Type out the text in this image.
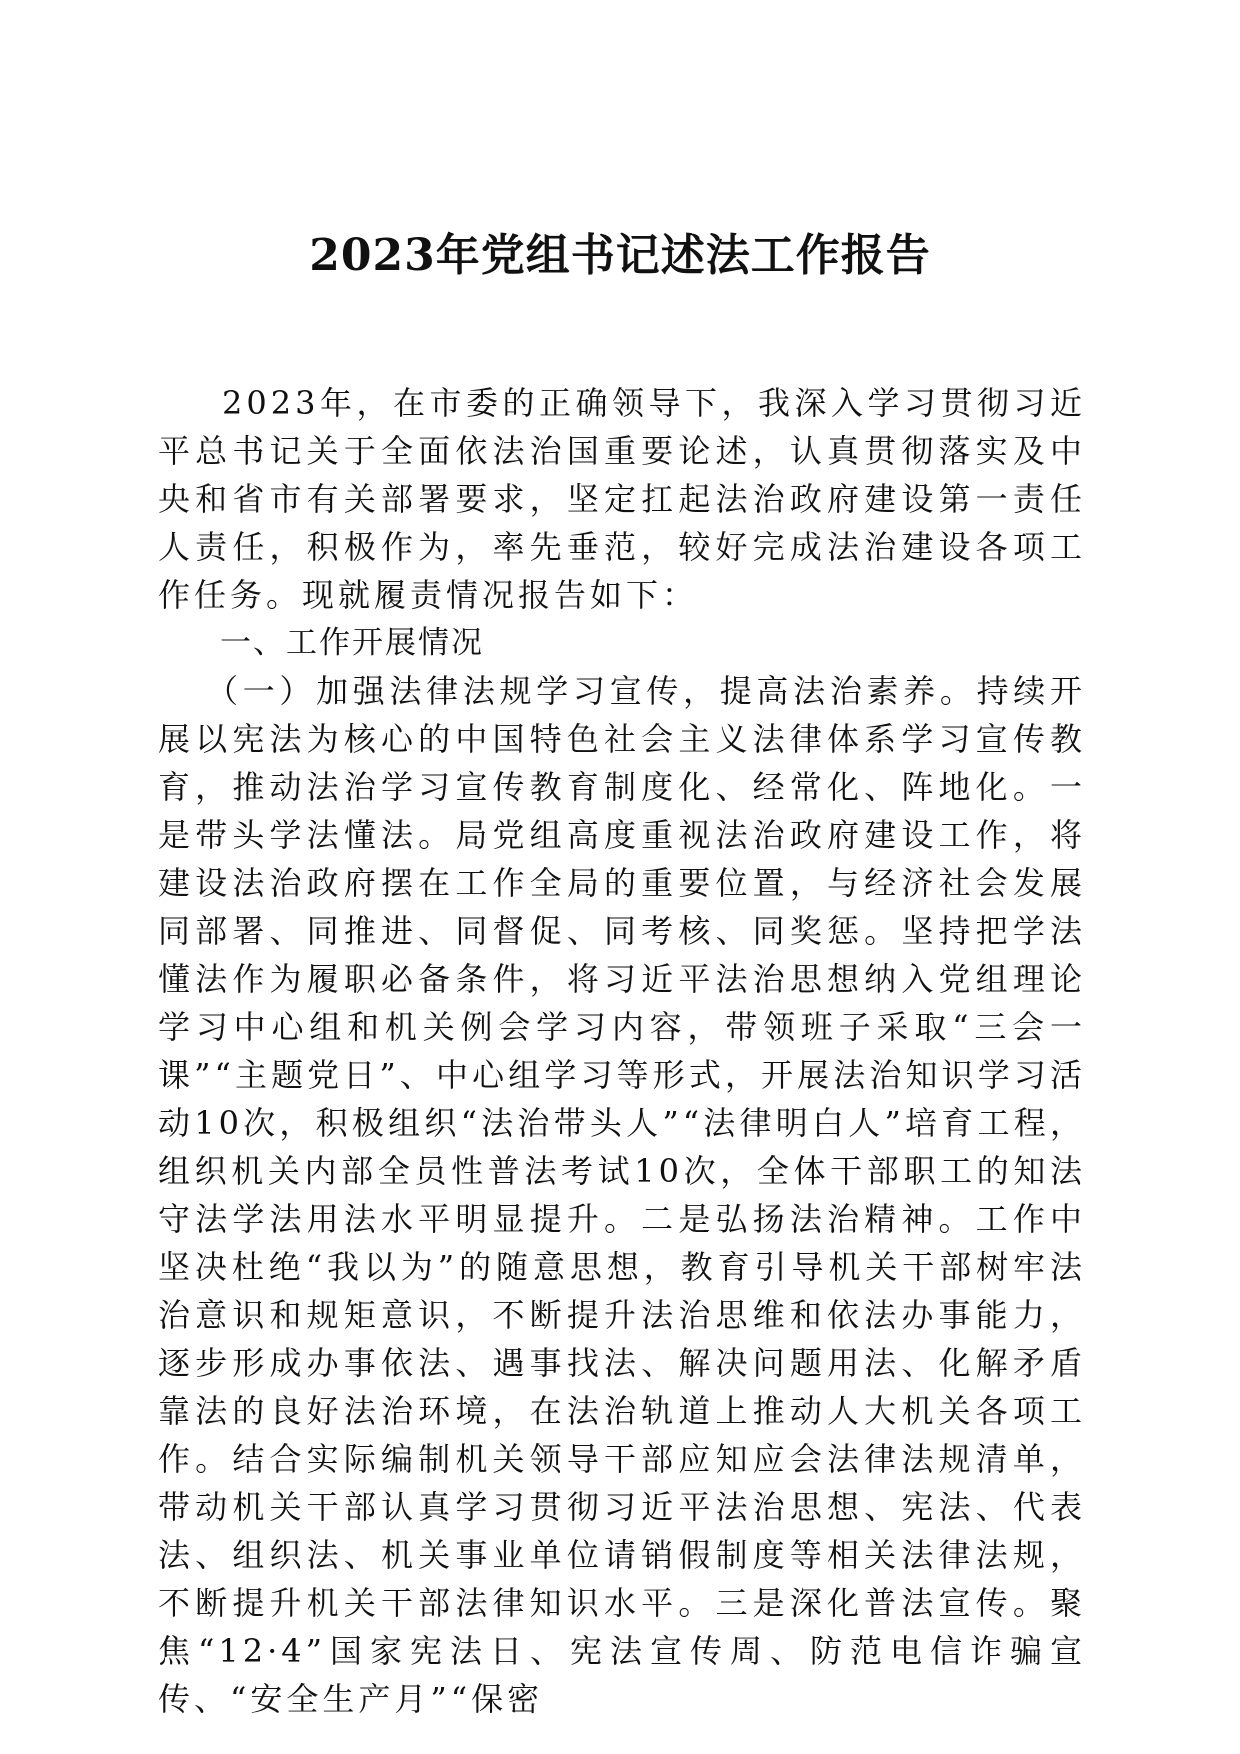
2023年党组书记述法工作报告

2023年，在市委的正确领导下，我深入学习贯彻习近平总书记关于全面依法治国重要论述，认真贯彻落实及中央和省市有关部署要求，坚定扛起法治政府建设第一责任人责任，积极作为，率先垂范，较好完成法治建设各项工作任务。现就履责情况报告如下：

一、工作开展情况

（一）加强法律法规学习宣传，提高法治素养。持续开展以宪法为核心的中国特色社会主义法律体系学习宣传教育，推动法治学习宣传教育制度化、经常化、阵地化。一是带头学法懂法。局党组高度重视法治政府建设工作，将建设法治政府摆在工作全局的重要位置，与经济社会发展同部署、同推进、同督促、同考核、同奖惩。坚持把学法懂法作为履职必备条件，将习近平法治思想纳入党组理论学习中心组和机关例会学习内容，带领班子采取“三会一课”“主题党日”、中心组学习等形式，开展法治知识学习活动10次，积极组织“法治带头人”“法律明白人”培育工程，组织机关内部全员性普法考试10次，全体干部职工的知法守法学法用法水平明显提升。二是弘扬法治精神。工作中坚决杜绝“我以为”的随意思想，教育引导机关干部树牢法治意识和规矩意识，不断提升法治思维和依法办事能力，逐步形成办事依法、遇事找法、解决问题用法、化解矛盾靠法的良好法治环境，在法治轨道上推动人大机关各项工作。结合实际编制机关领导干部应知应会法律法规清单，带动机关干部认真学习贯彻习近平法治思想、宪法、代表法、组织法、机关事业单位请销假制度等相关法律法规，不断提升机关干部法律知识水平。三是深化普法宣传。聚焦“12·4”国家宪法日、宪法宣传周、防范电信诈骗宣传、“安全生产月”“保密
